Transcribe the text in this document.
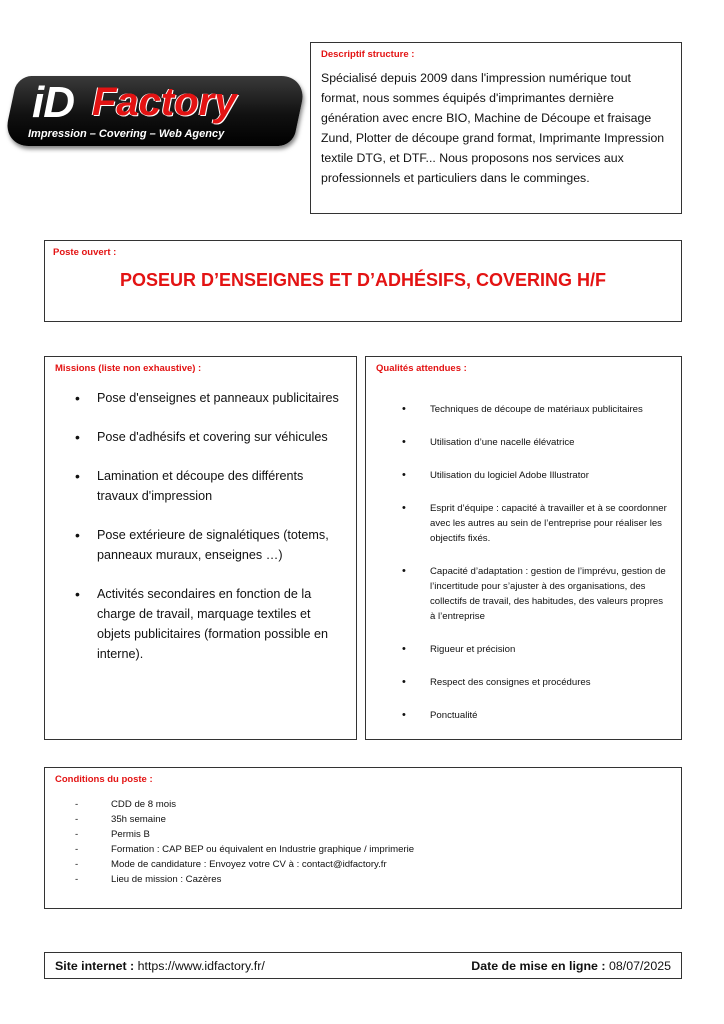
iD Factory
Impression – Covering – Web Agency
Descriptif structure :
Spécialisé depuis 2009 dans l'impression numérique tout format, nous sommes équipés d'imprimantes dernière génération avec encre BIO, Machine de Découpe et fraisage Zund, Plotter de découpe grand format, Imprimante Impression textile DTG, et DTF... Nous proposons nos services aux professionnels et particuliers dans le comminges.
Poste ouvert :
POSEUR D’ENSEIGNES ET D’ADHÉSIFS, COVERING H/F
Missions (liste non exhaustive) :
• Pose d'enseignes et panneaux publicitaires
• Pose d'adhésifs et covering sur véhicules
• Lamination et découpe des différents travaux d'impression
• Pose extérieure de signalétiques (totems, panneaux muraux, enseignes …)
• Activités secondaires en fonction de la charge de travail, marquage textiles et objets publicitaires (formation possible en interne).
Qualités attendues :
• Techniques de découpe de matériaux publicitaires
• Utilisation d’une nacelle élévatrice
• Utilisation du logiciel Adobe Illustrator
• Esprit d’équipe : capacité à travailler et à se coordonner avec les autres au sein de l’entreprise pour réaliser les objectifs fixés.
• Capacité d’adaptation : gestion de l’imprévu, gestion de l’incertitude pour s’ajuster à des organisations, des collectifs de travail, des habitudes, des valeurs propres à l’entreprise
• Rigueur et précision
• Respect des consignes et procédures
• Ponctualité
Conditions du poste :
- CDD de 8 mois
- 35h semaine
- Permis B
- Formation : CAP BEP ou équivalent en Industrie graphique / imprimerie
- Mode de candidature : Envoyez votre CV à : contact@idfactory.fr
- Lieu de mission : Cazères
Site internet : https://www.idfactory.fr/	Date de mise en ligne : 08/07/2025
